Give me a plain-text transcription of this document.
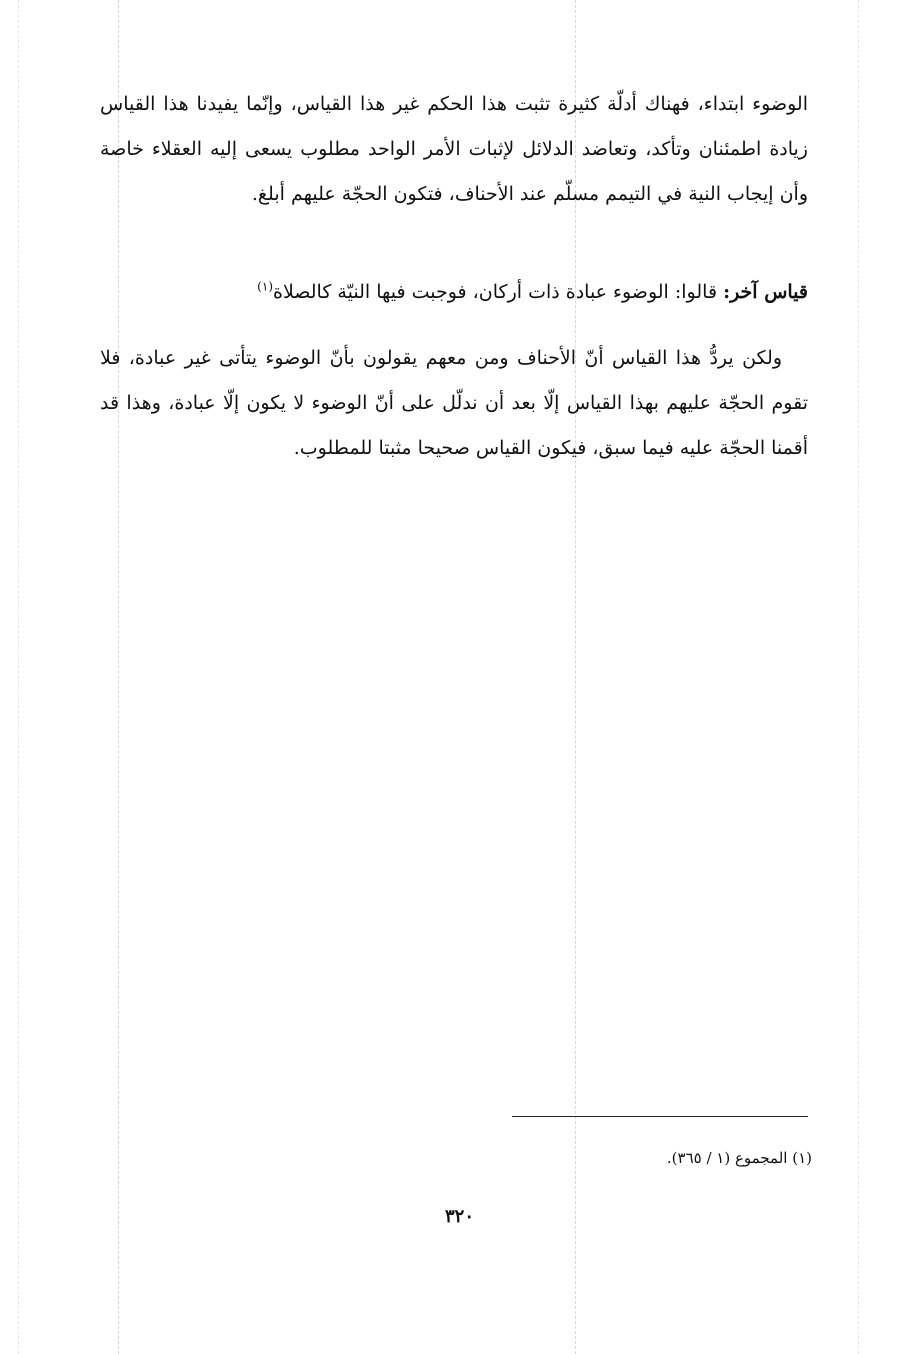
الوضوء ابتداء، فهناك أدلّة كثيرة تثبت هذا الحكم غير هذا القياس، وإنّما يفيدنا هذا القياس زيادة اطمئنان وتأكد، وتعاضد الدلائل لإثبات الأمر الواحد مطلوب يسعى إليه العقلاء خاصة وأن إيجاب النية في التيمم مسلّم عند الأحناف، فتكون الحجّة عليهم أبلغ.

قياس آخر: قالوا: الوضوء عبادة ذات أركان، فوجبت فيها النيّة كالصلاة$^{(١)}$

ولكن يردُّ هذا القياس أنّ الأحناف ومن معهم يقولون بأنّ الوضوء يتأتى غير عبادة، فلا تقوم الحجّة عليهم بهذا القياس إلّا بعد أن ندلّل على أنّ الوضوء لا يكون إلّا عبادة، وهذا قد أقمنا الحجّة عليه فيما سبق، فيكون القياس صحيحا مثبتا للمطلوب.

(١) المجموع (١ / ٣٦٥).
٣٢٠
